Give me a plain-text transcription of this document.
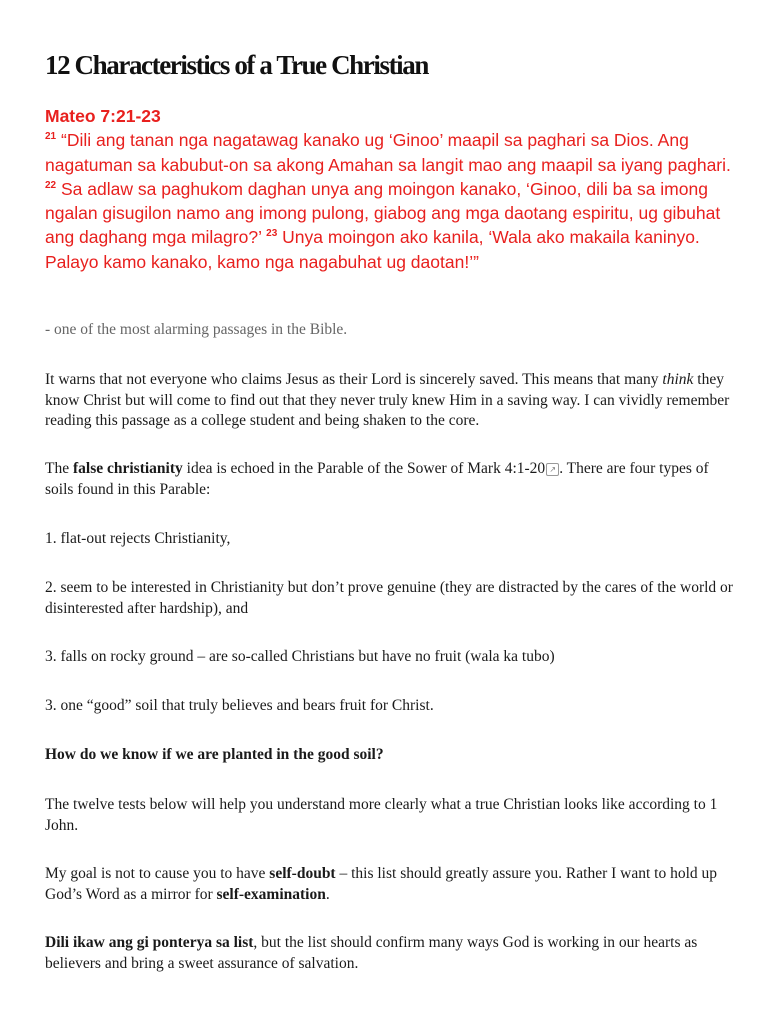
12 Characteristics of a True Christian
Mateo 7:21-23
$^{21}$ “Dili ang tanan nga nagatawag kanako ug ‘Ginoo’ maapil sa paghari sa Dios. Ang nagatuman sa kabubut-on sa akong Amahan sa langit mao ang maapil sa iyang paghari. $^{22}$ Sa adlaw sa paghukom daghan unya ang moingon kanako, ‘Ginoo, dili ba sa imong ngalan gisugilon namo ang imong pulong, giabog ang mga daotang espiritu, ug gibuhat ang daghang mga milagro?’ $^{23}$ Unya moingon ako kanila, ‘Wala ako makaila kaninyo. Palayo kamo kanako, kamo nga nagabuhat ug daotan!’”

- one of the most alarming passages in the Bible.

It warns that not everyone who claims Jesus as their Lord is sincerely saved. This means that many think they know Christ but will come to find out that they never truly knew Him in a saving way. I can vividly remember reading this passage as a college student and being shaken to the core.

The false christianity idea is echoed in the Parable of the Sower of Mark 4:1-20 ↗ . There are four types of soils found in this Parable:

1. flat-out rejects Christianity,

2. seem to be interested in Christianity but don’t prove genuine (they are distracted by the cares of the world or disinterested after hardship), and

3. falls on rocky ground – are so-called Christians but have no fruit (wala ka tubo)

3. one “good” soil that truly believes and bears fruit for Christ.

How do we know if we are planted in the good soil?

The twelve tests below will help you understand more clearly what a true Christian looks like according to 1 John.

My goal is not to cause you to have self-doubt – this list should greatly assure you. Rather I want to hold up God’s Word as a mirror for self-examination.

Dili ikaw ang gi ponterya sa list, but the list should confirm many ways God is working in our hearts as believers and bring a sweet assurance of salvation.
